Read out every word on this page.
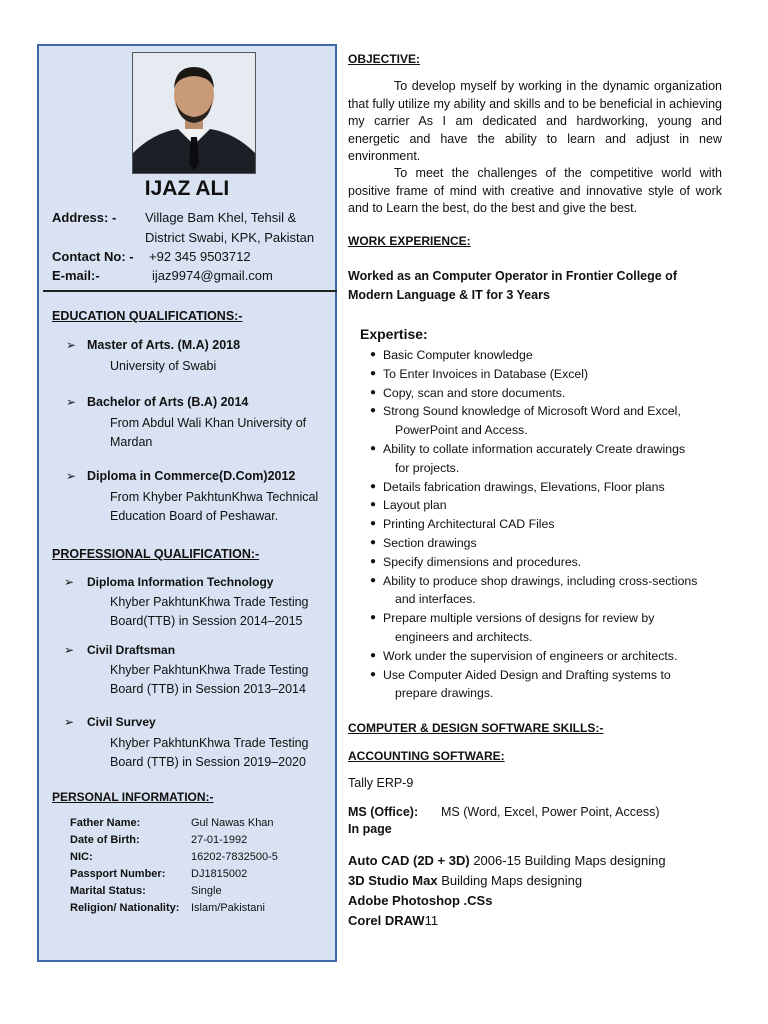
IJAZ ALI
Address: - Village Bam Khel, Tehsil &
District Swabi, KPK, Pakistan
Contact No: - +92 345 9503712
E-mail:-	ijaz9974@gmail.com
EDUCATION QUALIFICATIONS:-
➢ Master of Arts. (M.A) 2018
University of Swabi
➢ Bachelor of Arts (B.A) 2014
From Abdul Wali Khan University of
Mardan
➢ Diploma in Commerce(D.Com)2012
From Khyber PakhtunKhwa Technical
Education Board of Peshawar.
PROFESSIONAL QUALIFICATION:-
➢ Diploma Information Technology
Khyber PakhtunKhwa Trade Testing
Board(TTB) in Session 2014–2015
➢ Civil Draftsman
Khyber PakhtunKhwa Trade Testing
Board (TTB) in Session 2013–2014
➢ Civil Survey
Khyber PakhtunKhwa Trade Testing
Board (TTB) in Session 2019–2020
PERSONAL INFORMATION:-
Father Name:	Gul Nawas Khan
Date of Birth:	27-01-1992
NIC:	16202-7832500-5
Passport Number: DJ1815002
Marital Status:	Single
Religion/ Nationality: Islam/Pakistani
OBJECTIVE:
To develop myself by working in the dynamic organization that fully utilize my ability and skills and to be beneficial in achieving my carrier As I am dedicated and hardworking, young and energetic and have the ability to learn and adjust in new environment.
To meet the challenges of the competitive world with positive frame of mind with creative and innovative style of work and to Learn the best, do the best and give the best.
WORK EXPERIENCE:
Worked as an Computer Operator in Frontier College of Modern Language & IT for 3 Years
Expertise:
● Basic Computer knowledge
● To Enter Invoices in Database (Excel)
● Copy, scan and store documents.
● Strong Sound knowledge of Microsoft Word and Excel,
PowerPoint and Access.
● Ability to collate information accurately Create drawings
for projects.
● Details fabrication drawings, Elevations, Floor plans
● Layout plan
● Printing Architectural CAD Files
● Section drawings
● Specify dimensions and procedures.
● Ability to produce shop drawings, including cross-sections
and interfaces.
● Prepare multiple versions of designs for review by
engineers and architects.
● Work under the supervision of engineers or architects.
● Use Computer Aided Design and Drafting systems to
prepare drawings.
COMPUTER & DESIGN SOFTWARE SKILLS:-
ACCOUNTING SOFTWARE:
Tally ERP-9
MS (Office): MS (Word, Excel, Power Point, Access)
In page
Auto CAD (2D + 3D) 2006-15 Building Maps designing
3D Studio Max Building Maps designing
Adobe Photoshop .CSs
Corel DRAW11
